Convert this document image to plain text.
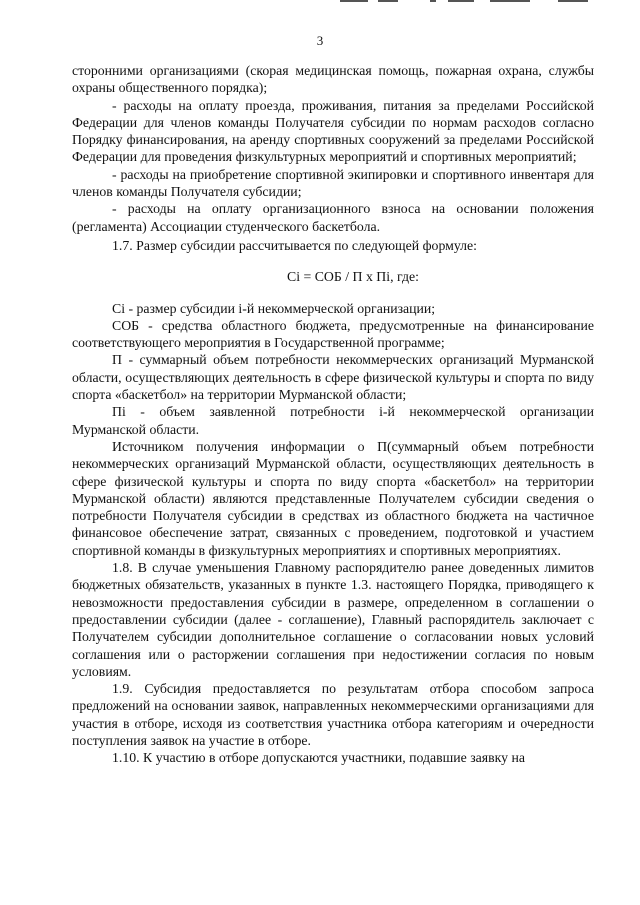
3

сторонними организациями (скорая медицинская помощь, пожарная охрана, службы охраны общественного порядка);

- расходы на оплату проезда, проживания, питания за пределами Российской Федерации для членов команды Получателя субсидии по нормам расходов согласно Порядку финансирования, на аренду спортивных сооружений за пределами Российской Федерации для проведения физкультурных мероприятий и спортивных мероприятий;

- расходы на приобретение спортивной экипировки и спортивного инвентаря для членов команды Получателя субсидии;

- расходы на оплату организационного взноса на основании положения (регламента) Ассоциации студенческого баскетбола.

1.7. Размер субсидии рассчитывается по следующей формуле:

Ci = СОБ / П x Пi, где:

Ci - размер субсидии i-й некоммерческой организации;

СОБ - средства областного бюджета, предусмотренные на финансирование соответствующего мероприятия в Государственной программе;

П - суммарный объем потребности некоммерческих организаций Мурманской области, осуществляющих деятельность в сфере физической культуры и спорта по виду спорта «баскетбол» на территории Мурманской области;

Пi - объем заявленной потребности i-й некоммерческой организации Мурманской области.

Источником получения информации о П(суммарный объем потребности некоммерческих организаций Мурманской области, осуществляющих деятельность в сфере физической культуры и спорта по виду спорта «баскетбол» на территории Мурманской области) являются представленные Получателем субсидии сведения о потребности Получателя субсидии в средствах из областного бюджета на частичное финансовое обеспечение затрат, связанных с проведением, подготовкой и участием спортивной команды в физкультурных мероприятиях и спортивных мероприятиях.

1.8. В случае уменьшения Главному распорядителю ранее доведенных лимитов бюджетных обязательств, указанных в пункте 1.3. настоящего Порядка, приводящего к невозможности предоставления субсидии в размере, определенном в соглашении о предоставлении субсидии (далее - соглашение), Главный распорядитель заключает с Получателем субсидии дополнительное соглашение о согласовании новых условий соглашения или о расторжении соглашения при недостижении согласия по новым условиям.

1.9. Субсидия предоставляется по результатам отбора способом запроса предложений на основании заявок, направленных некоммерческими организациями для участия в отборе, исходя из соответствия участника отбора категориям и очередности поступления заявок на участие в отборе.

1.10. К участию в отборе допускаются участники, подавшие заявку на
